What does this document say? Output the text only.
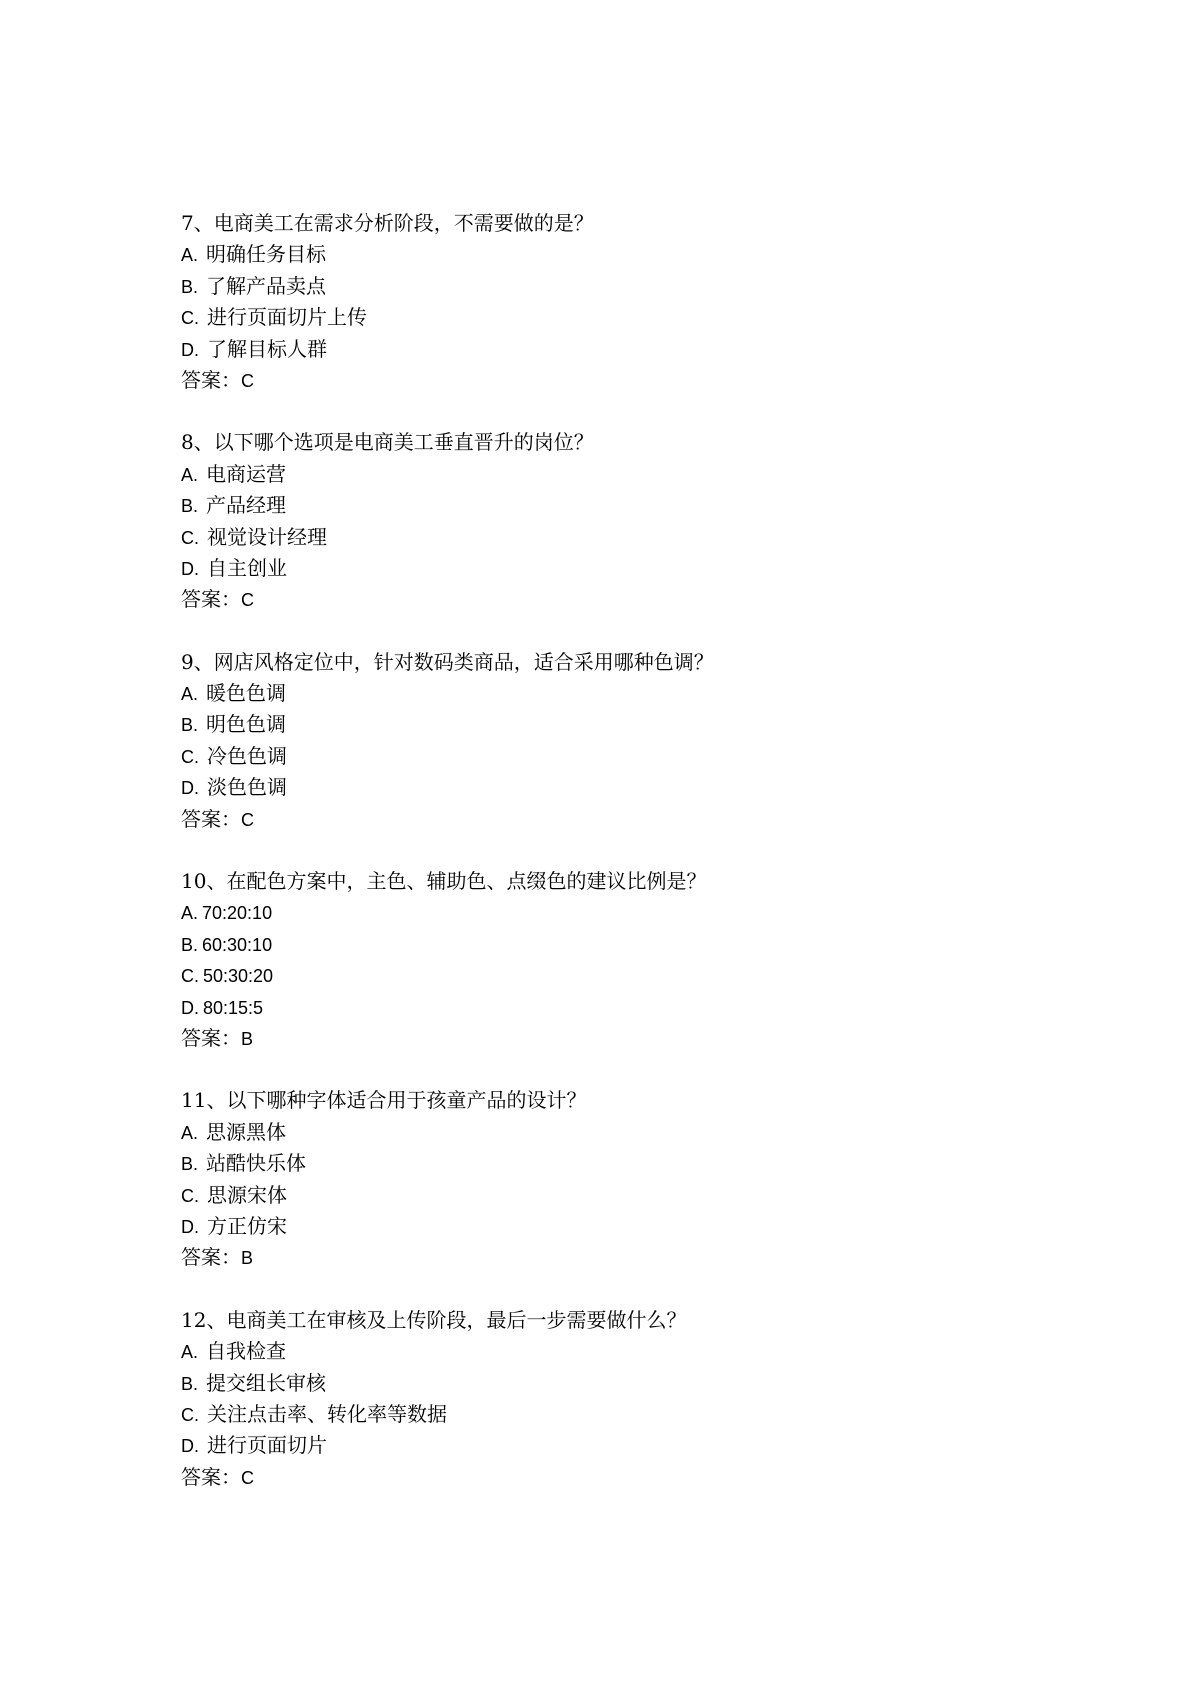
7、电商美工在需求分析阶段，不需要做的是？
A. 明确任务目标
B. 了解产品卖点
C. 进行页面切片上传
D. 了解目标人群
答案：C
8、以下哪个选项是电商美工垂直晋升的岗位？
A. 电商运营
B. 产品经理
C. 视觉设计经理
D. 自主创业
答案：C
9、网店风格定位中，针对数码类商品，适合采用哪种色调？
A. 暖色色调
B. 明色色调
C. 冷色色调
D. 淡色色调
答案：C
10、在配色方案中，主色、辅助色、点缀色的建议比例是？
A. 70:20:10
B. 60:30:10
C. 50:30:20
D. 80:15:5
答案：B
11、以下哪种字体适合用于孩童产品的设计？
A. 思源黑体
B. 站酷快乐体
C. 思源宋体
D. 方正仿宋
答案：B
12、电商美工在审核及上传阶段，最后一步需要做什么？
A. 自我检查
B. 提交组长审核
C. 关注点击率、转化率等数据
D. 进行页面切片
答案：C
